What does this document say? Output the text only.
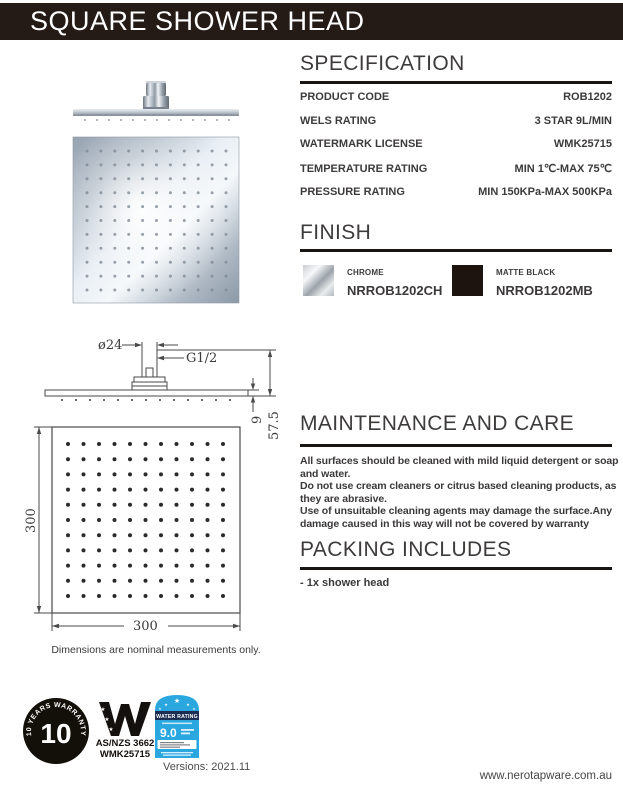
SQUARE SHOWER HEAD
ø24
G1/2
9 57.5
300
300
Dimensions are nominal measurements only.
SPECIFICATION
PRODUCT CODE	ROB1202
WELS RATING	3 STAR 9L/MIN
WATERMARK LICENSE	WMK25715
TEMPERATURE RATING	MIN 1℃-MAX 75℃
PRESSURE RATING	MIN 150KPa-MAX 500KPa
FINISH
CHROME
NRROB1202CH
MATTE BLACK
NRROB1202MB
MAINTENANCE AND CARE

All surfaces should be cleaned with mild liquid detergent or soap and water.

Do not use cream cleaners or citrus based cleaning products, as they are abrasive.

Use of unsuitable cleaning agents may damage the surface.Any damage caused in this way will not be covered by warranty

PACKING INCLUDES
- 1x shower head
10 YEARS WARRANTY
10
★
★
★
AS/NZS 3662
WMK25715
★
★	★
★	★
WATER RATING
9.0
Versions: 2021.11
www.nerotapware.com.au
